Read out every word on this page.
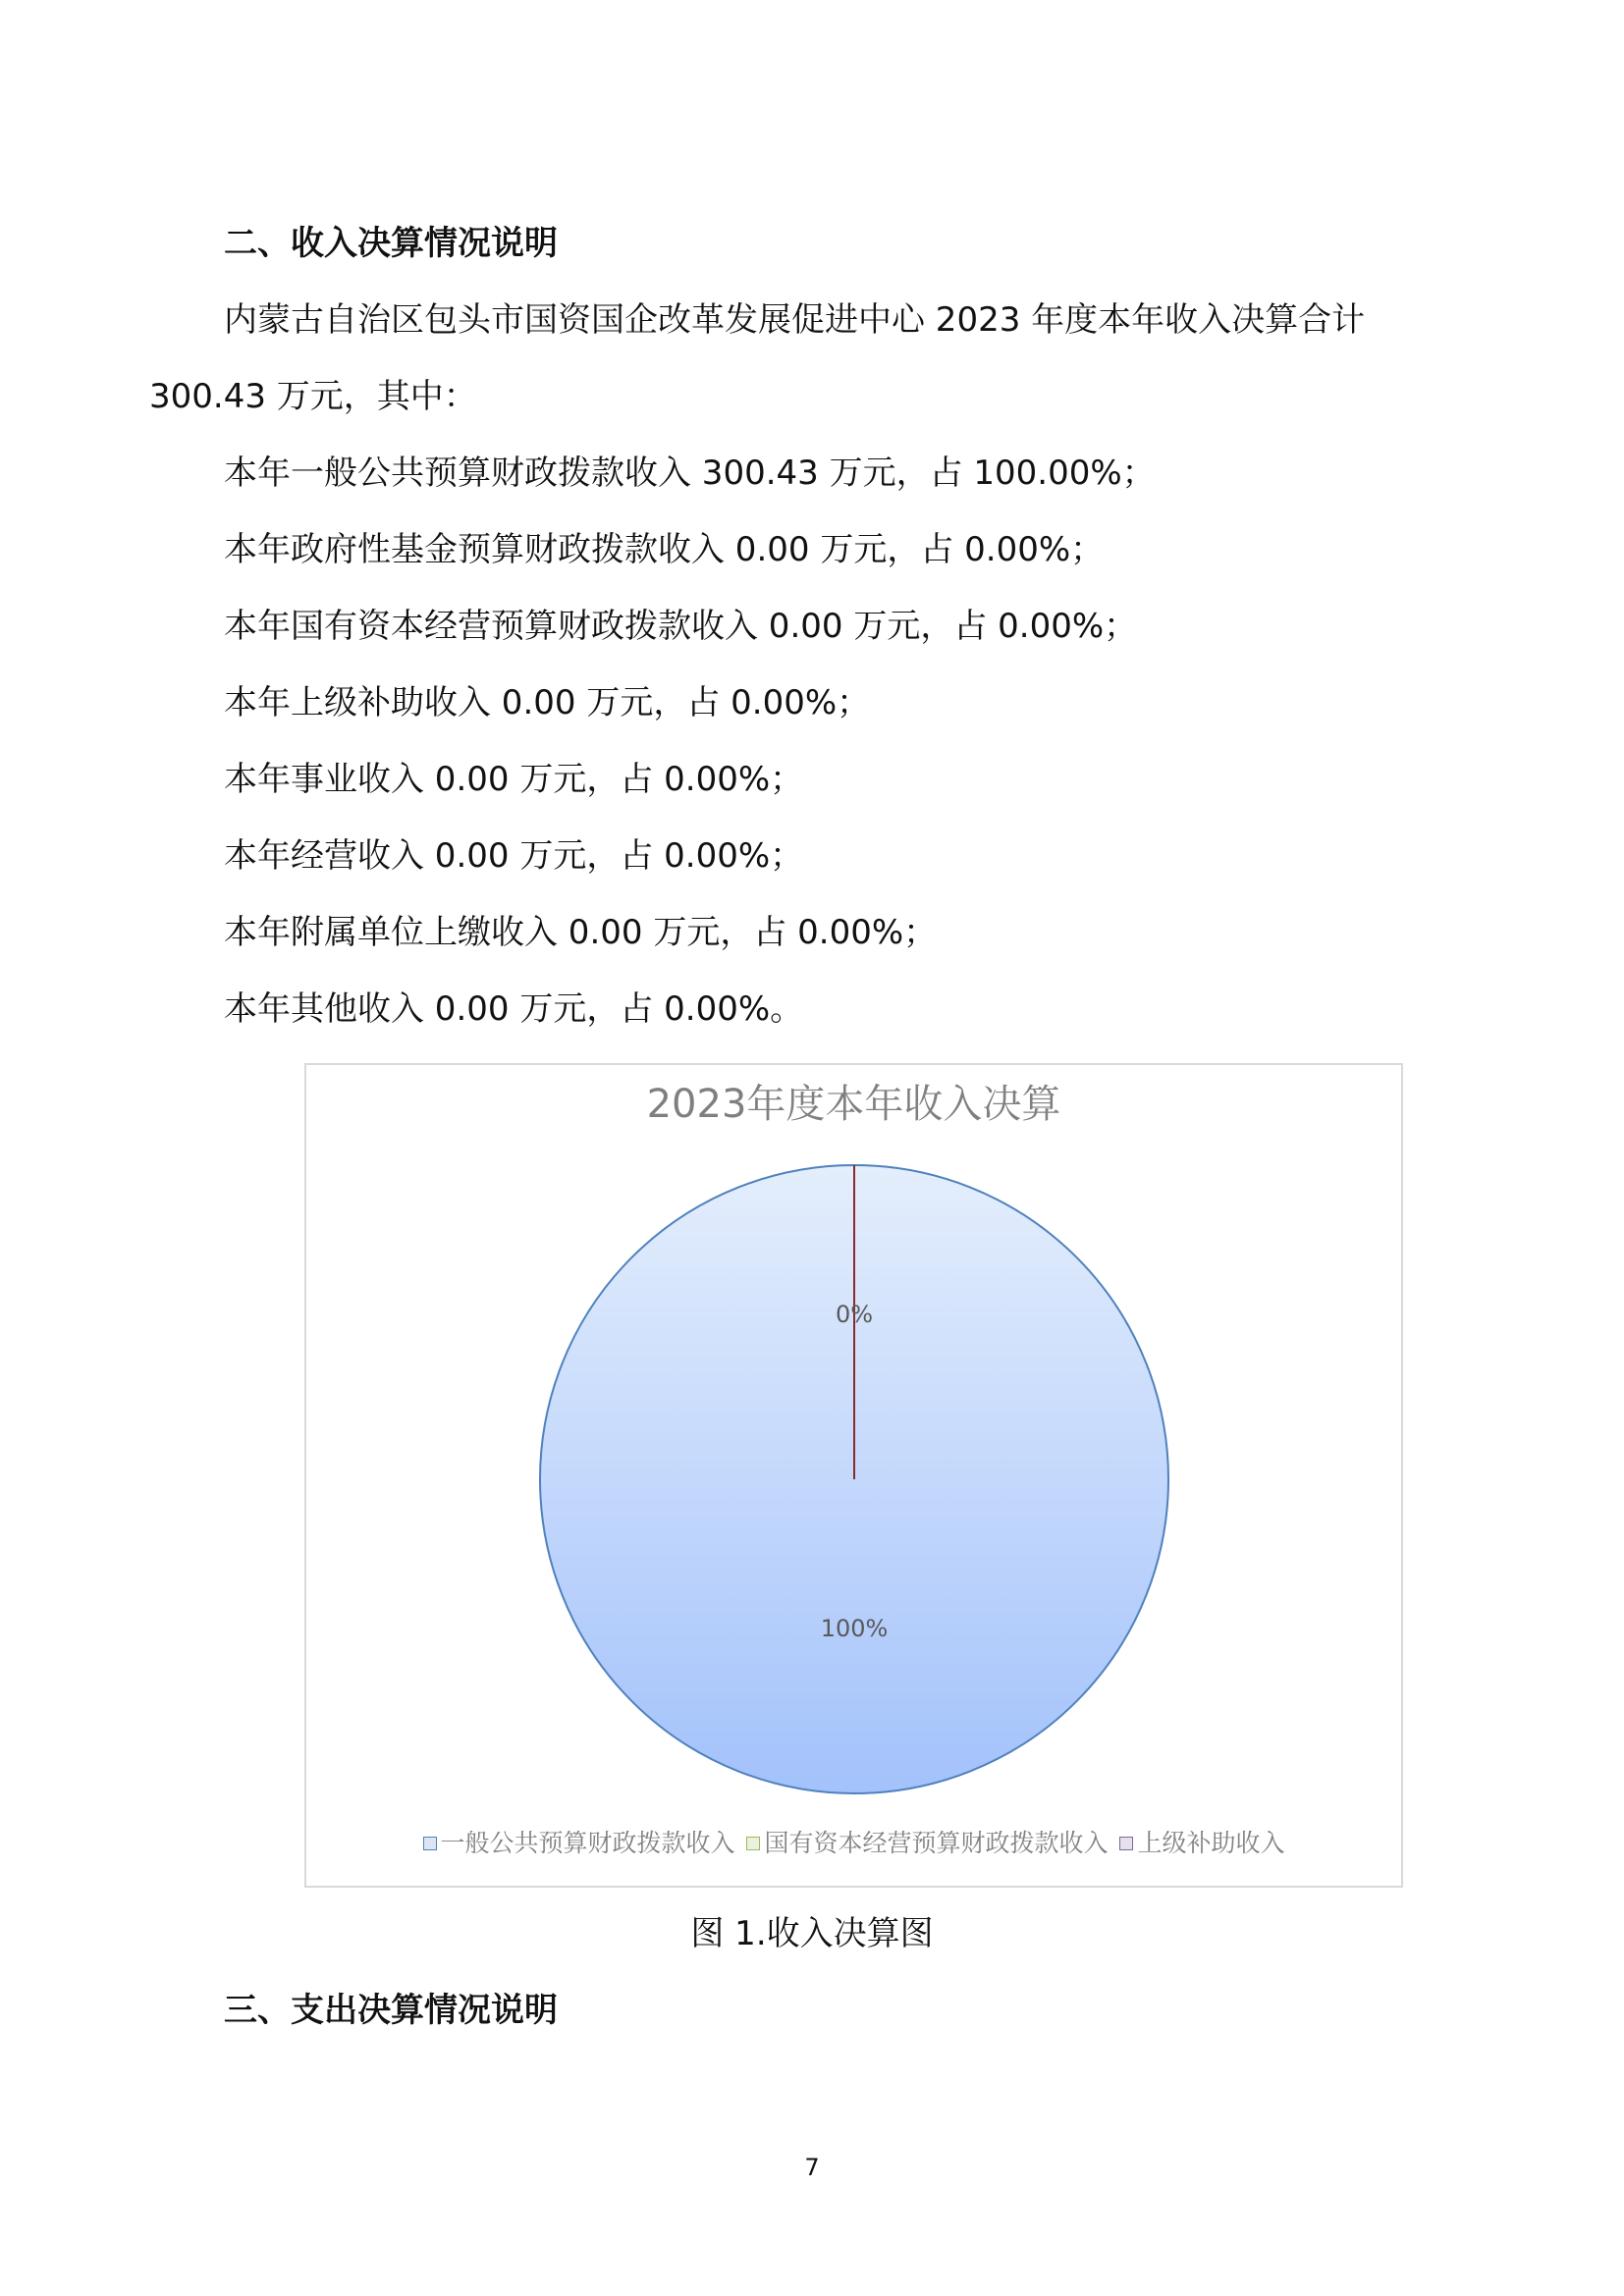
二、收入决算情况说明

内蒙古自治区包头市国资国企改革发展促进中心 2023 年度本年收入决算合计

300.43 万元，其中：

本年一般公共预算财政拨款收入 300.43 万元，占 100.00%；

本年政府性基金预算财政拨款收入 0.00 万元，占 0.00%；

本年国有资本经营预算财政拨款收入 0.00 万元，占 0.00%；

本年上级补助收入 0.00 万元，占 0.00%；

本年事业收入 0.00 万元，占 0.00%；

本年经营收入 0.00 万元，占 0.00%；

本年附属单位上缴收入 0.00 万元，占 0.00%；

本年其他收入 0.00 万元，占 0.00%。

2023年度本年收入决算
100%
0%
一般公共预算财政拨款收入 国有资本经营预算财政拨款收入 上级补助收入
图 1.收入决算图
三、支出决算情况说明
7
